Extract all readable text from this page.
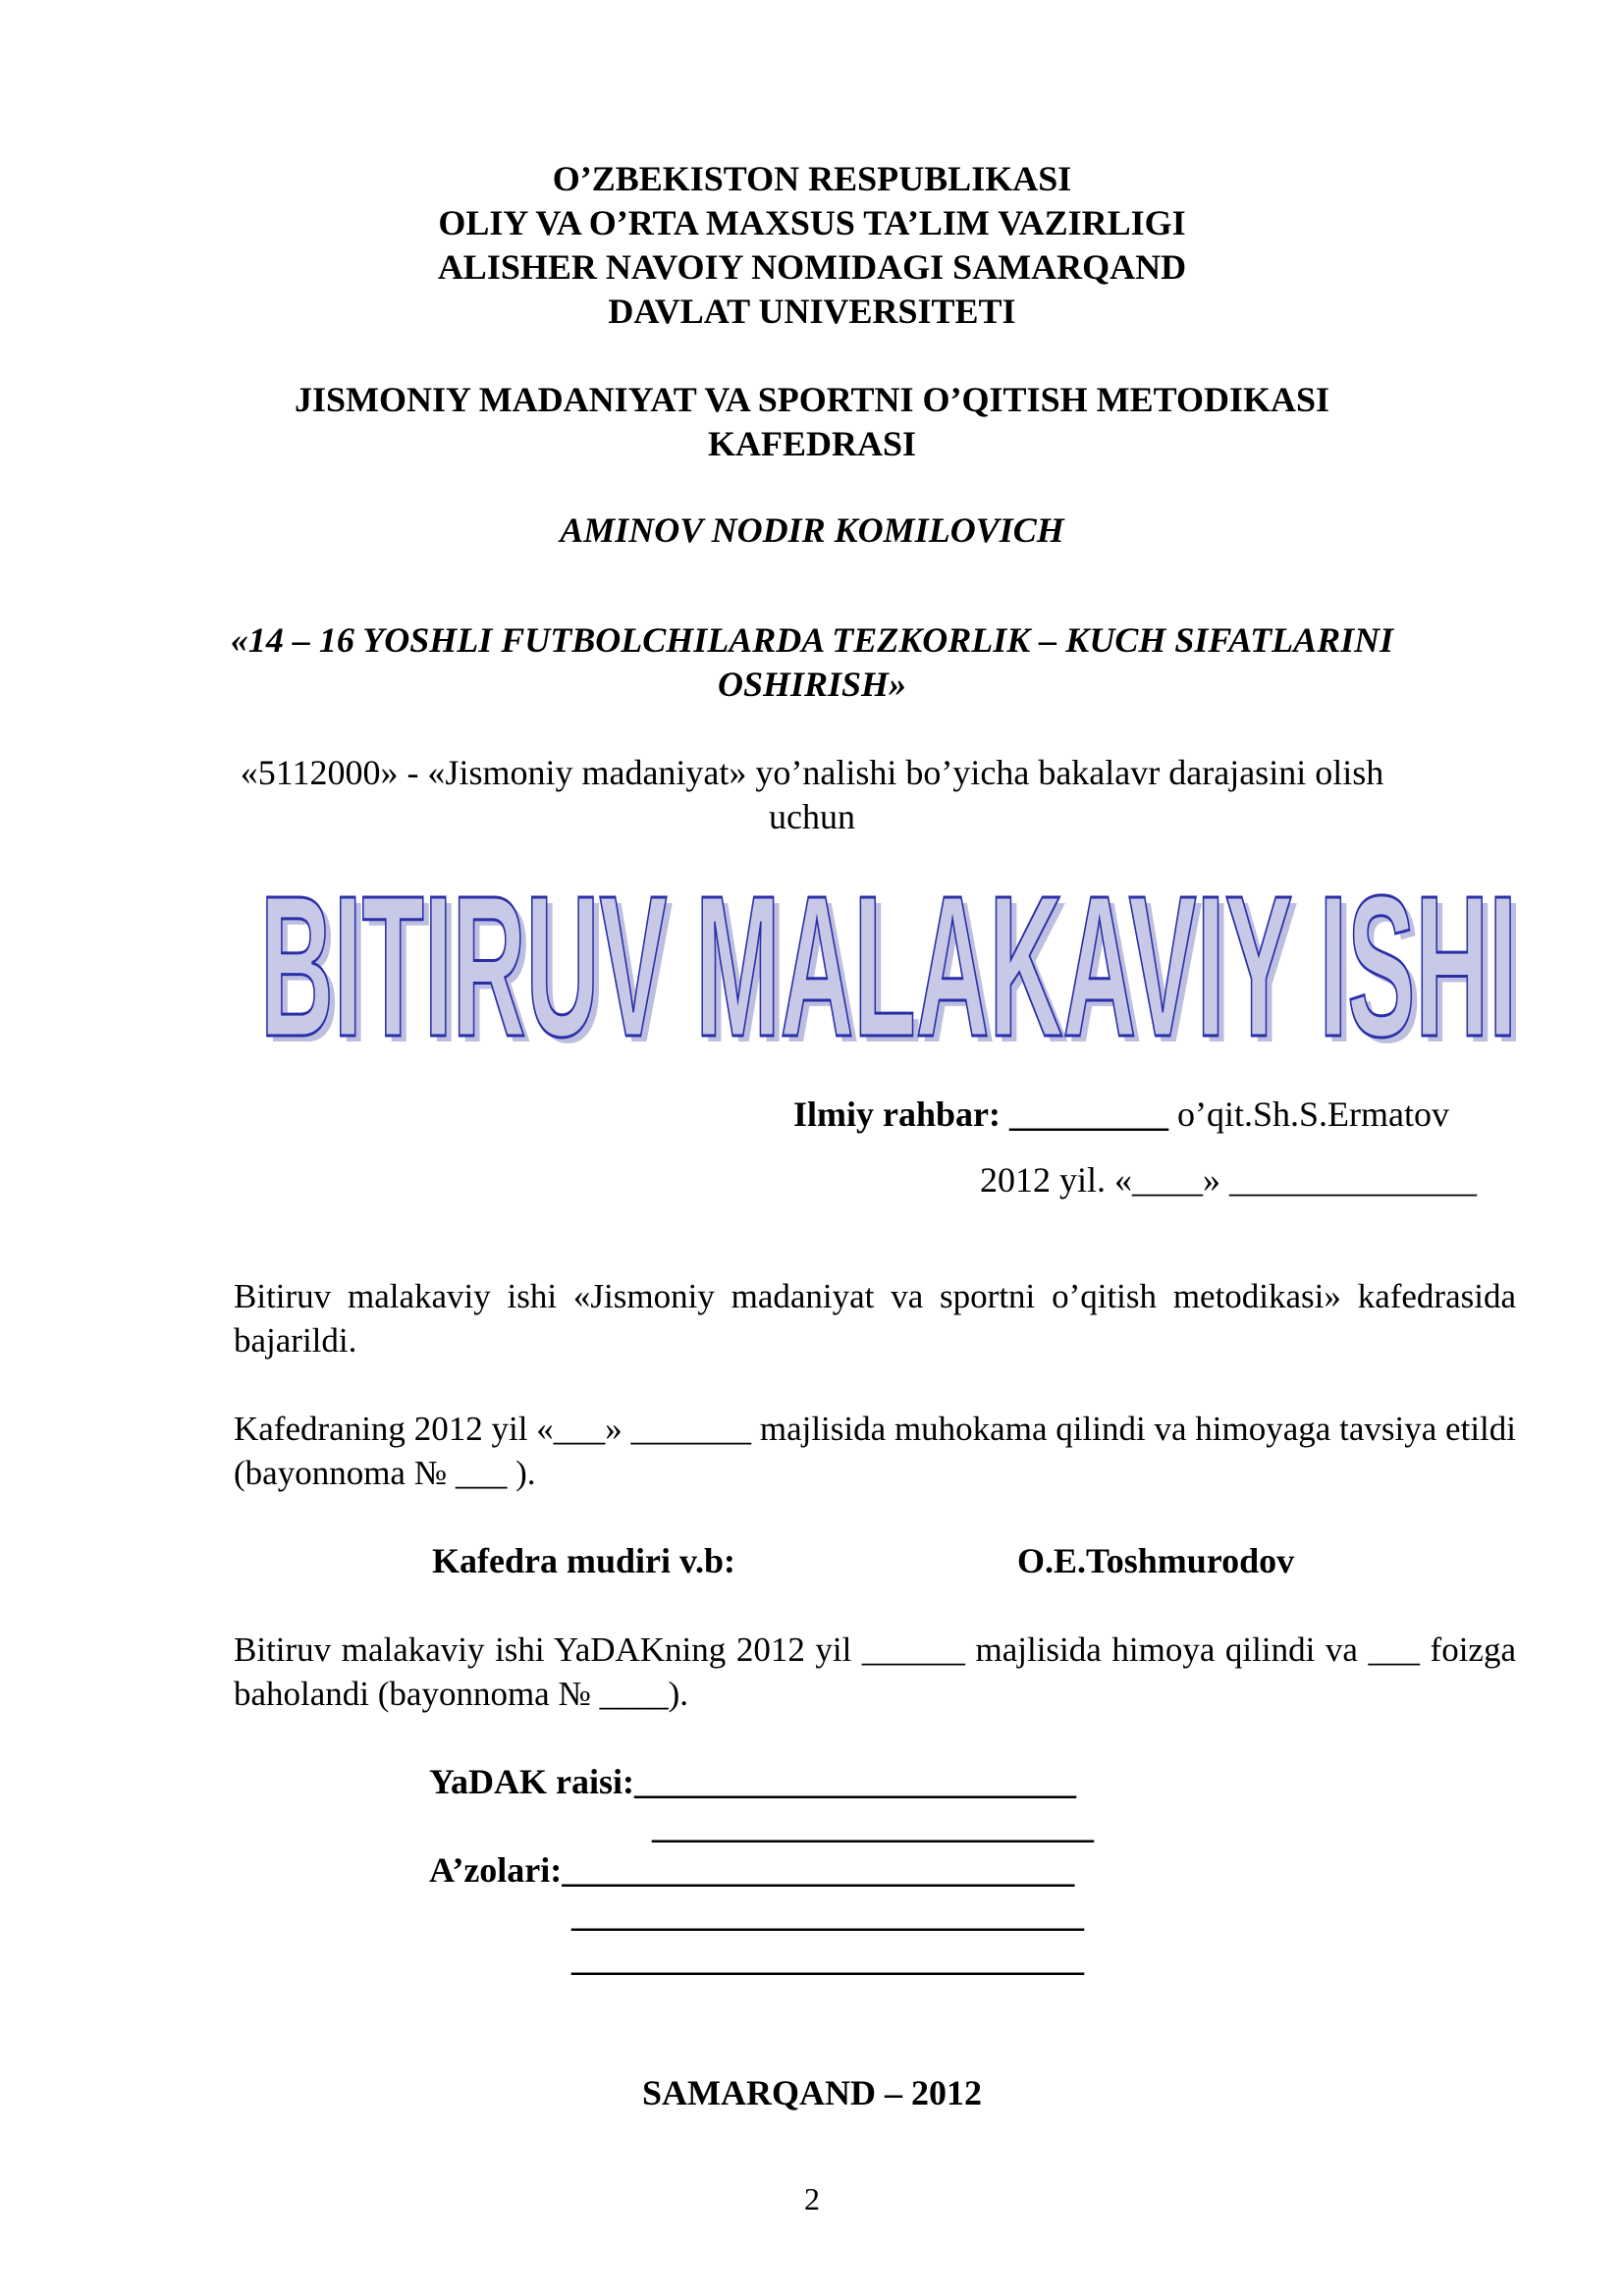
O’ZBEKISTON RESPUBLIKASI
OLIY VA O’RTA MAXSUS TA’LIM VAZIRLIGI
ALISHER NAVOIY NOMIDAGI SAMARQAND
DAVLAT UNIVERSITETI
JISMONIY MADANIYAT VA SPORTNI O’QITISH METODIKASI
KAFEDRASI
AMINOV NODIR KOMILOVICH
«14 – 16 YOSHLI FUTBOLCHILARDA TEZKORLIK – KUCH SIFATLARINI
OSHIRISH»
«5112000» - «Jismoniy madaniyat» yo’nalishi bo’yicha bakalavr darajasini olish
uchun
BITIRUV MALAKAVIY ISHI
BITIRUV MALAKAVIY ISHI
Ilmiy rahbar: _________ o’qit.Sh.S.Ermatov
2012 yil. «____» ______________
Bitiruv malakaviy ishi «Jismoniy madaniyat va sportni o’qitish metodikasi» kafedrasida bajarildi.
Kafedraning 2012 yil «___» _______ majlisida muhokama qilindi va himoyaga tavsiya etildi (bayonnoma № ___ ).
Kafedra mudiri v.b:	O.E.Toshmurodov
Bitiruv malakaviy ishi YaDAKning 2012 yil ______ majlisida himoya qilindi va ___ foizga baholandi (bayonnoma № ____).
YaDAK raisi:_________________________
_________________________
A’zolari:_____________________________
_____________________________
_____________________________
SAMARQAND – 2012
2
